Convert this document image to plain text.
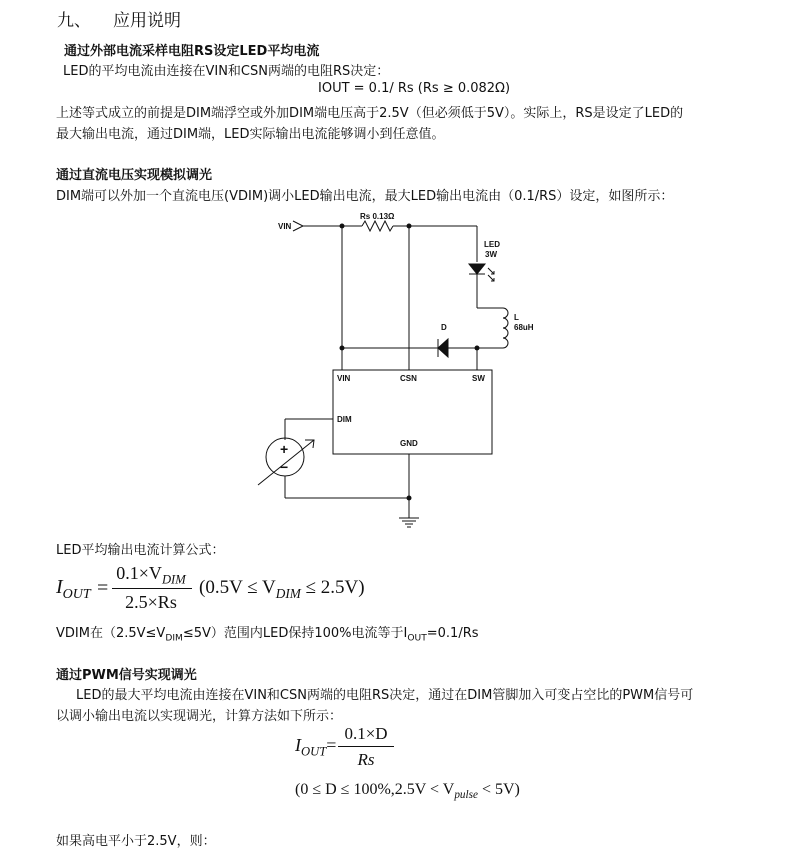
九、 应用说明
通过外部电流采样电阻RS设定LED平均电流
LED的平均电流由连接在VIN和CSN两端的电阻RS决定：
IOUT = 0.1/ Rs (Rs ≥ 0.082Ω)
上述等式成立的前提是DIM端浮空或外加DIM端电压高于2.5V（但必须低于5V）。实际上，RS是设定了LED的
最大输出电流，通过DIM端，LED实际输出电流能够调小到任意值。
通过直流电压实现模拟调光
DIM端可以外加一个直流电压(VDIM)调小LED输出电流，最大LED输出电流由（0.1/RS）设定，如图所示：
VIN
Rs 0.13Ω
LED
3W
L
68uH
D
VIN	CSN	SW
DIM
GND
+
−
LED平均输出电流计算公式：
$I_{OUT}$ =
$0.1\times V_{DIM}$
2.5×Rs
$(0.5V \le V_{DIM} \le 2.5V)$
VDIM在$(2.5V\le V_{DIM}\le 5V)$范围内LED保持100%电流等于$I_{OUT}=0.1/Rs$
通过PWM信号实现调光
LED的最大平均电流由连接在VIN和CSN两端的电阻RS决定，通过在DIM管脚加入可变占空比的PWM信号可
以调小输出电流以实现调光，计算方法如下所示：
$I_{OUT}=$
0.1×D
Rs
$(0 \le D \le 100\%,2.5V < V_{pulse} < 5V)$
如果高电平小于2.5V，则：
